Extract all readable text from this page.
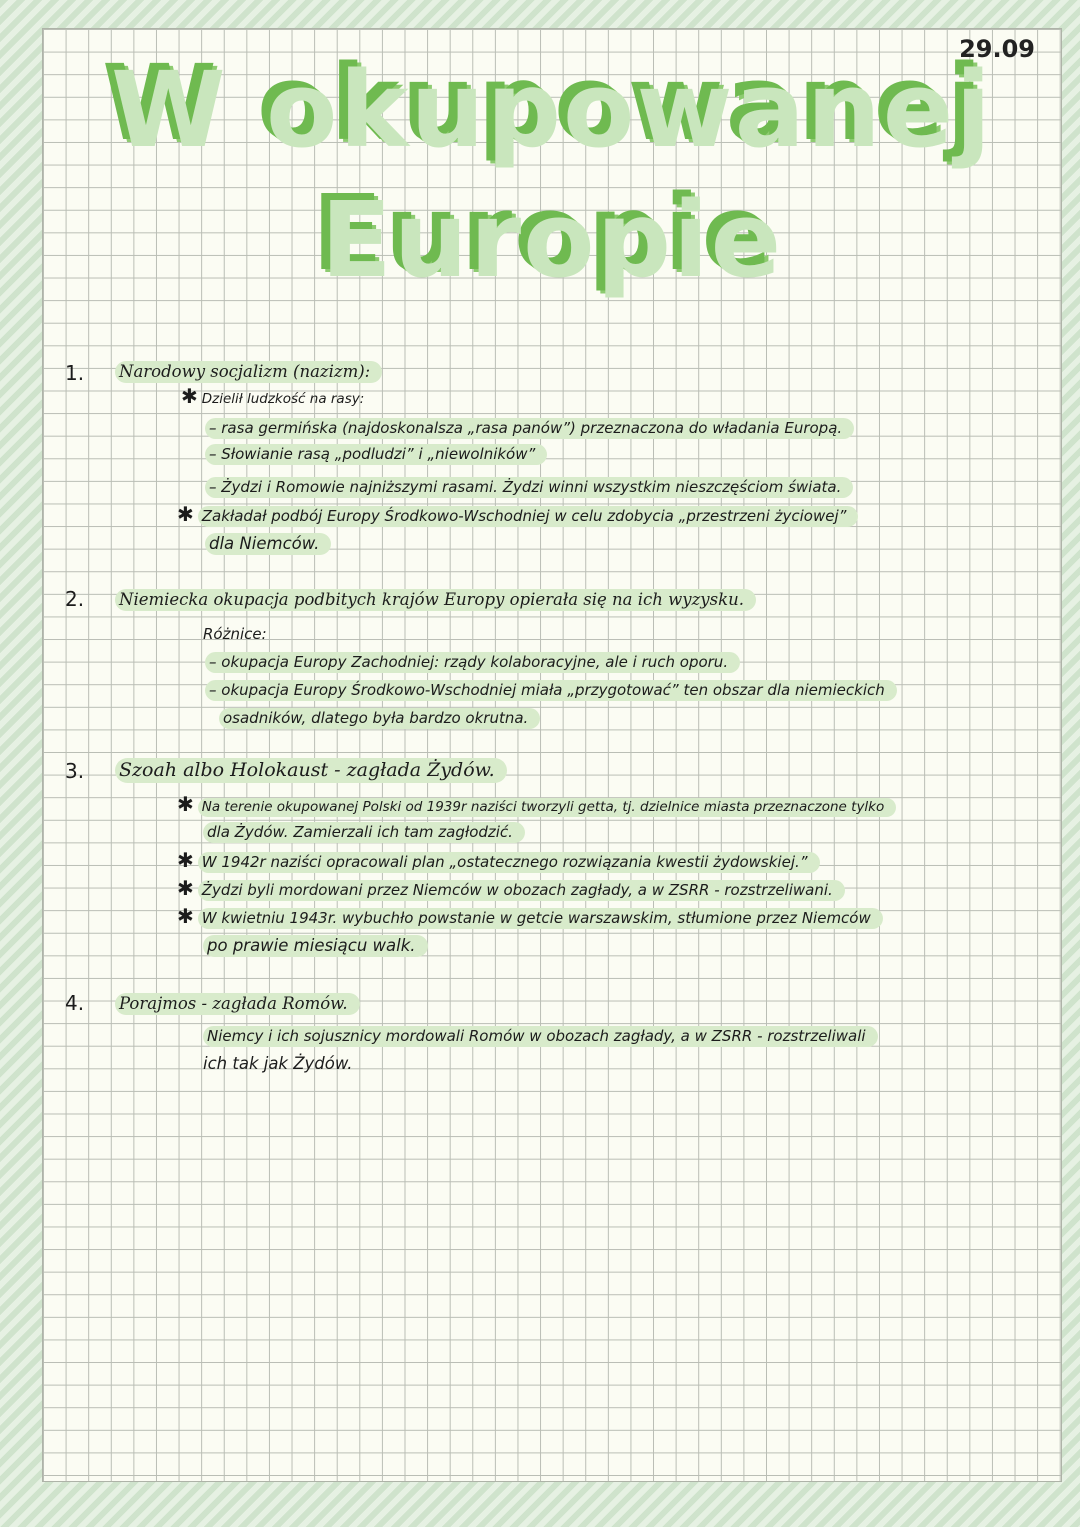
29.09
W okupowanej
Europie
1. Narodowy socjalizm (nazizm):
✱ Dzielił ludzkość na rasy:
– rasa germińska (najdoskonalsza „rasa panów”) przeznaczona do władania Europą.
– Słowianie rasą „podludzi” i „niewolników”
– Żydzi i Romowie najniższymi rasami. Żydzi winni wszystkim nieszczęściom świata.
✱ Zakładał podbój Europy Środkowo-Wschodniej w celu zdobycia „przestrzeni życiowej”
dla Niemców.
2. Niemiecka okupacja podbitych krajów Europy opierała się na ich wyzysku.
Różnice:
– okupacja Europy Zachodniej: rządy kolaboracyjne, ale i ruch oporu.
– okupacja Europy Środkowo-Wschodniej miała „przygotować” ten obszar dla niemieckich
osadników, dlatego była bardzo okrutna.
3. Szoah albo Holokaust - zagłada Żydów.
✱ Na terenie okupowanej Polski od 1939r naziści tworzyli getta, tj. dzielnice miasta przeznaczone tylko
dla Żydów. Zamierzali ich tam zagłodzić.
✱ W 1942r naziści opracowali plan „ostatecznego rozwiązania kwestii żydowskiej.”
✱ Żydzi byli mordowani przez Niemców w obozach zagłady, a w ZSRR - rozstrzeliwani.
✱ W kwietniu 1943r. wybuchło powstanie w getcie warszawskim, stłumione przez Niemców
po prawie miesiącu walk.
4. Porajmos - zagłada Romów.
Niemcy i ich sojusznicy mordowali Romów w obozach zagłady, a w ZSRR - rozstrzeliwali
ich tak jak Żydów.
